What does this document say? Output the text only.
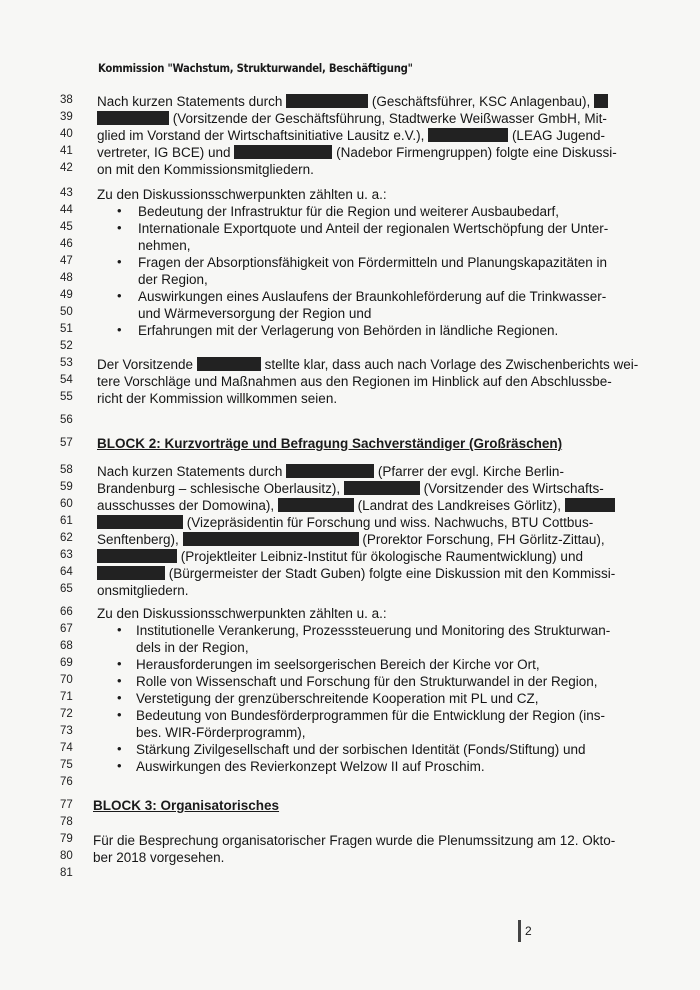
Kommission "Wachstum, Strukturwandel, Beschäftigung"
38
39
40
41
42
43
44
45
46
47
48
49
50
51
52
53
54
55
56
57
58
59
60
61
62
63
64
65
66
67
68
69
70
71
72
73
74
75
76
77
78
79
80
81
Nach kurzen Statements durch	(Geschäftsführer, KSC Anlagenbau),
(Vorsitzende der Geschäftsführung, Stadtwerke Weißwasser GmbH, Mit-
glied im Vorstand der Wirtschaftsinitiative Lausitz e.V.),	(LEAG Jugend-
vertreter, IG BCE) und	(Nadebor Firmengruppen) folgte eine Diskussi-
on mit den Kommissionsmitgliedern.
Zu den Diskussionsschwerpunkten zählten u. a.:
• Bedeutung der Infrastruktur für die Region und weiterer Ausbaubedarf,
• Internationale Exportquote und Anteil der regionalen Wertschöpfung der Unter-
nehmen,
• Fragen der Absorptionsfähigkeit von Fördermitteln und Planungskapazitäten in
der Region,
• Auswirkungen eines Auslaufens der Braunkohleförderung auf die Trinkwasser-
und Wärmeversorgung der Region und
• Erfahrungen mit der Verlagerung von Behörden in ländliche Regionen.
Der Vorsitzende	stellte klar, dass auch nach Vorlage des Zwischenberichts wei-
tere Vorschläge und Maßnahmen aus den Regionen im Hinblick auf den Abschlussbe-
richt der Kommission willkommen seien.
BLOCK 2: Kurzvorträge und Befragung Sachverständiger (Großräschen)
Nach kurzen Statements durch	(Pfarrer der evgl. Kirche Berlin-
Brandenburg – schlesische Oberlausitz),	(Vorsitzender des Wirtschafts-
ausschusses der Domowina),	(Landrat des Landkreises Görlitz),
(Vizepräsidentin für Forschung und wiss. Nachwuchs, BTU Cottbus-
Senftenberg),	(Prorektor Forschung, FH Görlitz-Zittau),
(Projektleiter Leibniz-Institut für ökologische Raumentwicklung) und
(Bürgermeister der Stadt Guben) folgte eine Diskussion mit den Kommissi-
onsmitgliedern.
Zu den Diskussionsschwerpunkten zählten u. a.:
• Institutionelle Verankerung, Prozesssteuerung und Monitoring des Strukturwan-
dels in der Region,
• Herausforderungen im seelsorgerischen Bereich der Kirche vor Ort,
• Rolle von Wissenschaft und Forschung für den Strukturwandel in der Region,
• Verstetigung der grenzüberschreitende Kooperation mit PL und CZ,
• Bedeutung von Bundesförderprogrammen für die Entwicklung der Region (ins-
bes. WIR-Förderprogramm),
• Stärkung Zivilgesellschaft und der sorbischen Identität (Fonds/Stiftung) und
• Auswirkungen des Revierkonzept Welzow II auf Proschim.
BLOCK 3: Organisatorisches
Für die Besprechung organisatorischer Fragen wurde die Plenumssitzung am 12. Okto-
ber 2018 vorgesehen.
2
